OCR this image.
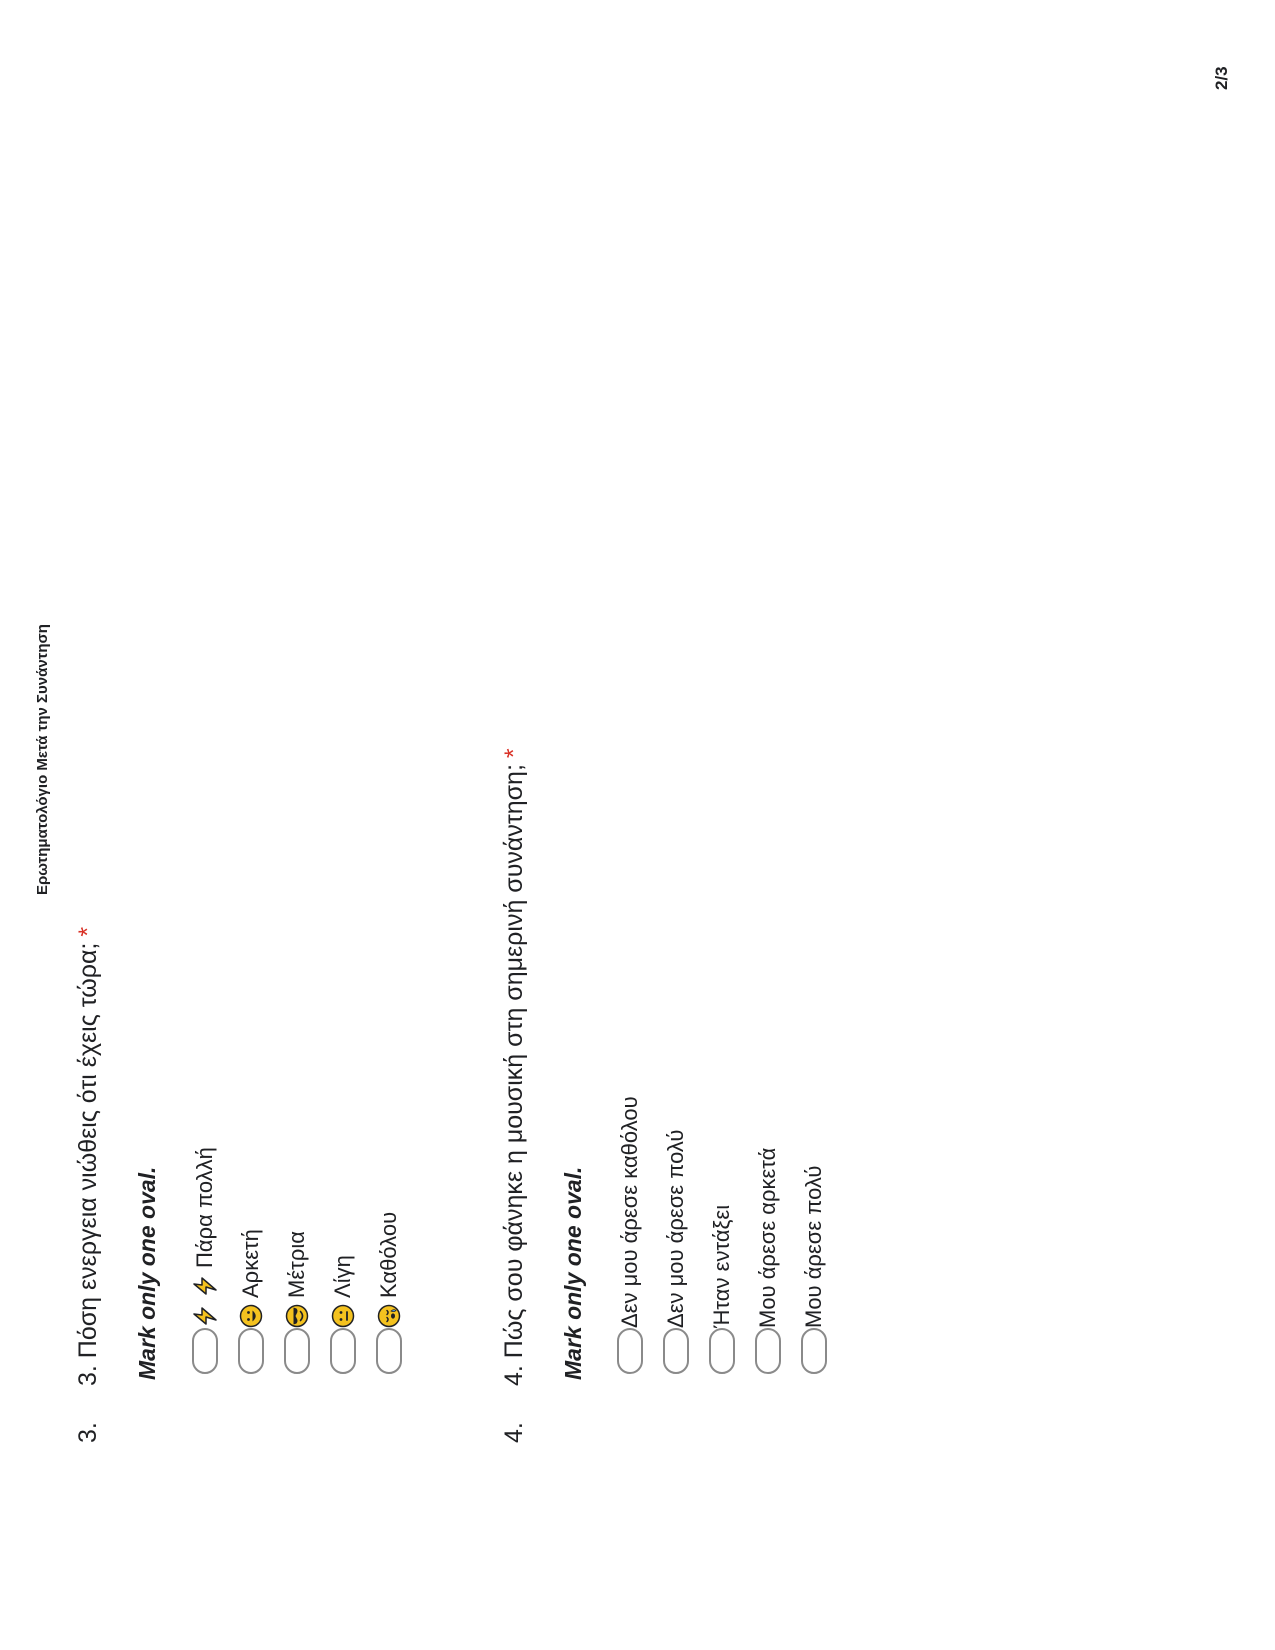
Ερωτηματολόγιο Μετά την Συνάντηση
2/3
3.
3. Πόση ενεργεια νιώθεις ότι έχεις τώρα;*
Mark only one oval. Πάρα πολλή Αρκετή Μέτρια Λίγη Καθόλου
4.
4. Πώς σου φάνηκε η μουσική στη σημερινή συνάντηση;*
Mark only one oval. Δεν μου άρεσε καθόλου Δεν μου άρεσε πολύ Ήταν εντάξει Μου άρεσε αρκετά Μου άρεσε πολύ
